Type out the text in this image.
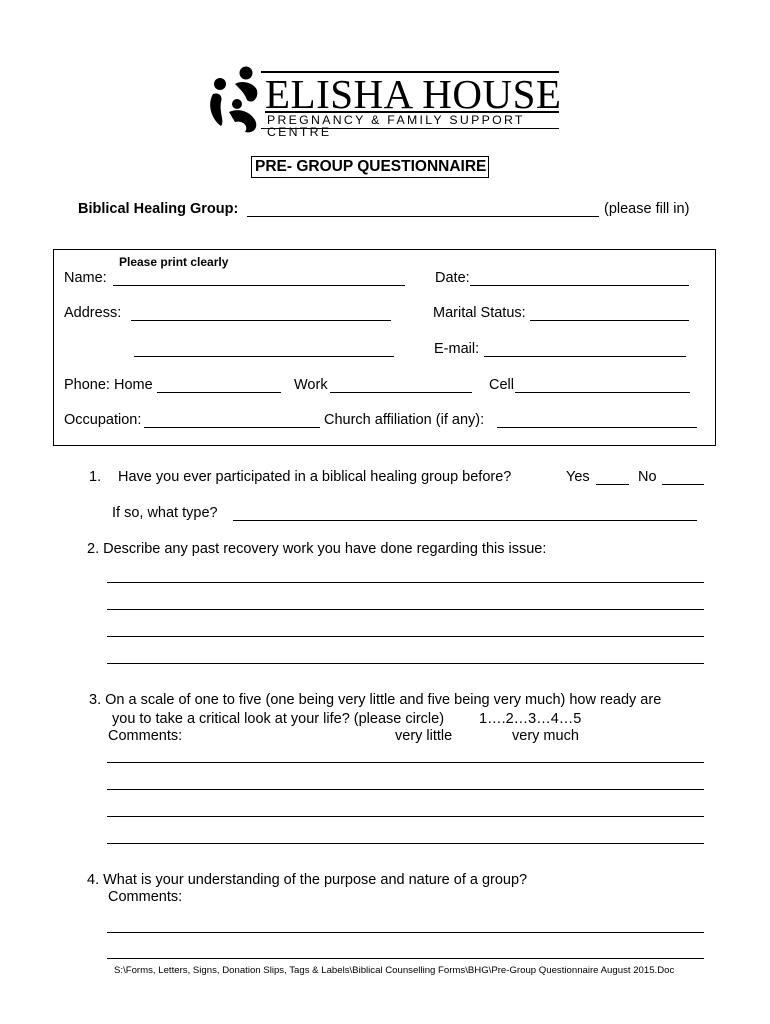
ELISHA HOUSE
PREGNANCY & FAMILY SUPPORT CENTRE
PRE- GROUP QUESTIONNAIRE
Biblical Healing Group:	(please fill in)
Please print clearly
Name:	Date:
Address:	Marital Status:
E-mail:
Phone: Home	Work	Cell
Occupation:	Church affiliation (if any):
1. Have you ever participated in a biblical healing group before?	Yes	No
If so, what type?
2. Describe any past recovery work you have done regarding this issue:
3. On a scale of one to five (one being very little and five being very much) how ready are
you to take a critical look at your life? (please circle) 1….2…3…4…5
Comments:	very little	very much
4. What is your understanding of the purpose and nature of a group?
Comments:
S:\Forms, Letters, Signs, Donation Slips, Tags & Labels\Biblical Counselling Forms\BHG\Pre-Group Questionnaire August 2015.Doc
